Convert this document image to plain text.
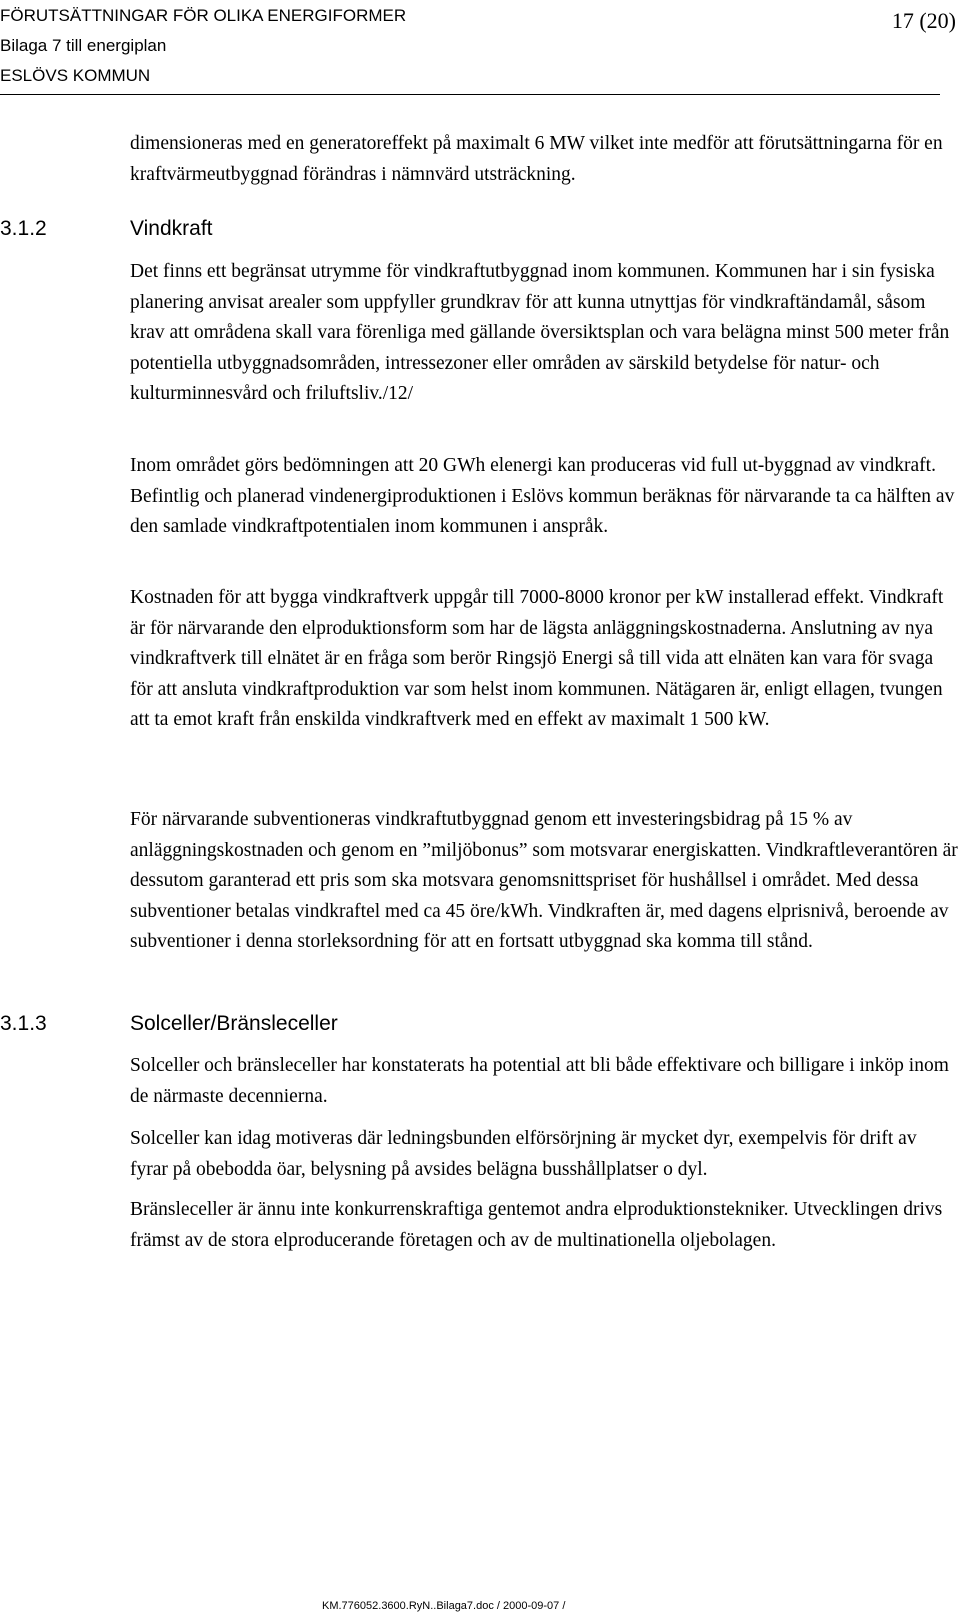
FÖRUTSÄTTNINGAR FÖR OLIKA ENERGIFORMER
Bilaga 7 till energiplan
ESLÖVS KOMMUN
17 (20)

dimensioneras med en generatoreffekt på maximalt 6 MW vilket inte medför att förutsättningarna för en kraftvärmeutbyggnad förändras i nämnvärd utsträckning.

3.1.2	Vindkraft

Det finns ett begränsat utrymme för vindkraftutbyggnad inom kommunen. Kommunen har i sin fysiska planering anvisat arealer som uppfyller grundkrav för att kunna utnyttjas för vindkraftändamål, såsom krav att områdena skall vara förenliga med gällande översiktsplan och vara belägna minst 500 meter från potentiella utbyggnadsområden, intressezoner eller områden av särskild betydelse för natur- och kulturminnesvård och friluftsliv./12/

Inom området görs bedömningen att 20 GWh elenergi kan produceras vid full ut-byggnad av vindkraft. Befintlig och planerad vindenergiproduktionen i Eslövs kommun beräknas för närvarande ta ca hälften av den samlade vindkraftpotentialen inom kommunen i anspråk.

Kostnaden för att bygga vindkraftverk uppgår till 7000-8000 kronor per kW installerad effekt. Vindkraft är för närvarande den elproduktionsform som har de lägsta anläggningskostnaderna. Anslutning av nya vindkraftverk till elnätet är en fråga som berör Ringsjö Energi så till vida att elnäten kan vara för svaga för att ansluta vindkraftproduktion var som helst inom kommunen. Nätägaren är, enligt ellagen, tvungen att ta emot kraft från enskilda vindkraftverk med en effekt av maximalt 1 500 kW.

För närvarande subventioneras vindkraftutbyggnad genom ett investeringsbidrag på 15 % av anläggningskostnaden och genom en ”miljöbonus” som motsvarar energiskatten. Vindkraftleverantören är dessutom garanterad ett pris som ska motsvara genomsnittspriset för hushållsel i området. Med dessa subventioner betalas vindkraftel med ca 45 öre/kWh. Vindkraften är, med dagens elprisnivå, beroende av subventioner i denna storleksordning för att en fortsatt utbyggnad ska komma till stånd.

3.1.3	Solceller/Bränsleceller

Solceller och bränsleceller har konstaterats ha potential att bli både effektivare och billigare i inköp inom de närmaste decennierna.

Solceller kan idag motiveras där ledningsbunden elförsörjning är mycket dyr, exempelvis för drift av fyrar på obebodda öar, belysning på avsides belägna busshållplatser o dyl.

Bränsleceller är ännu inte konkurrenskraftiga gentemot andra elproduktionstekniker. Utvecklingen drivs främst av de stora elproducerande företagen och av de multinationella oljebolagen.

KM.776052.3600.RyN..Bilaga7.doc / 2000-09-07 /
